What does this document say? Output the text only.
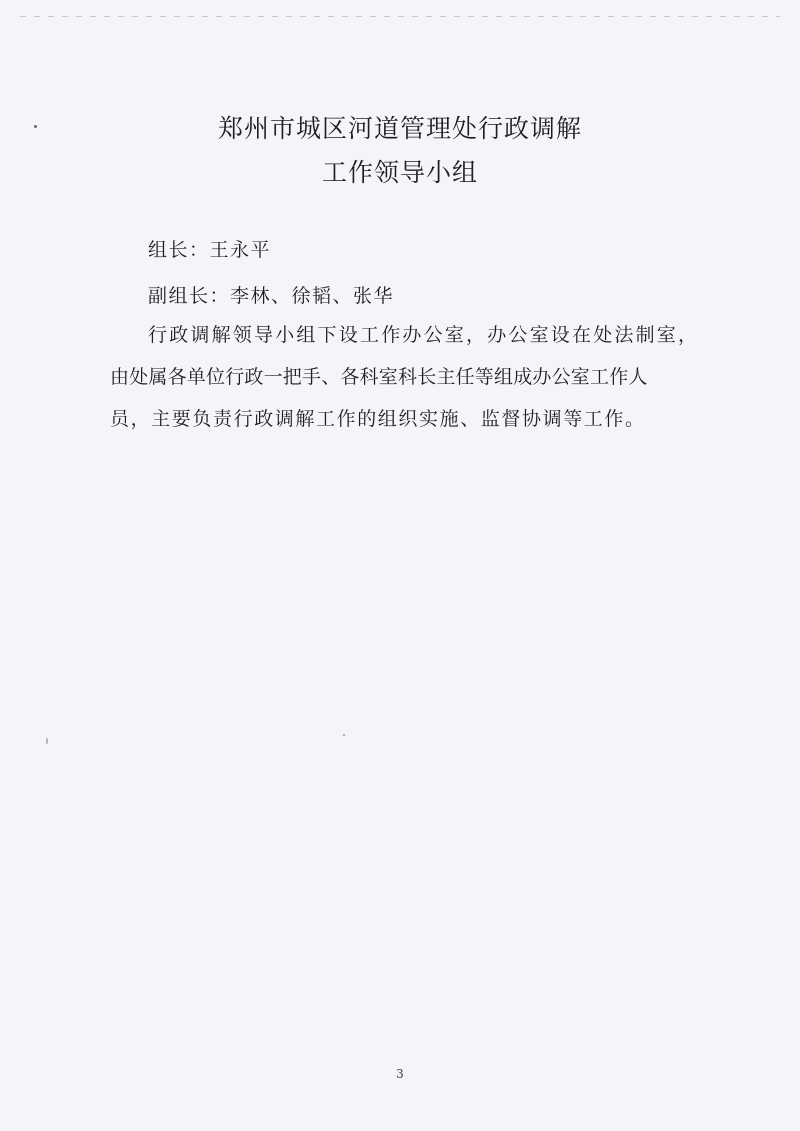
郑州市城区河道管理处行政调解
工作领导小组
组长：王永平
副组长：李林、徐韬、张华
行政调解领导小组下设工作办公室，办公室设在处法制室，
由处属各单位行政一把手、各科室科长主任等组成办公室工作人
员，主要负责行政调解工作的组织实施、监督协调等工作。
3
